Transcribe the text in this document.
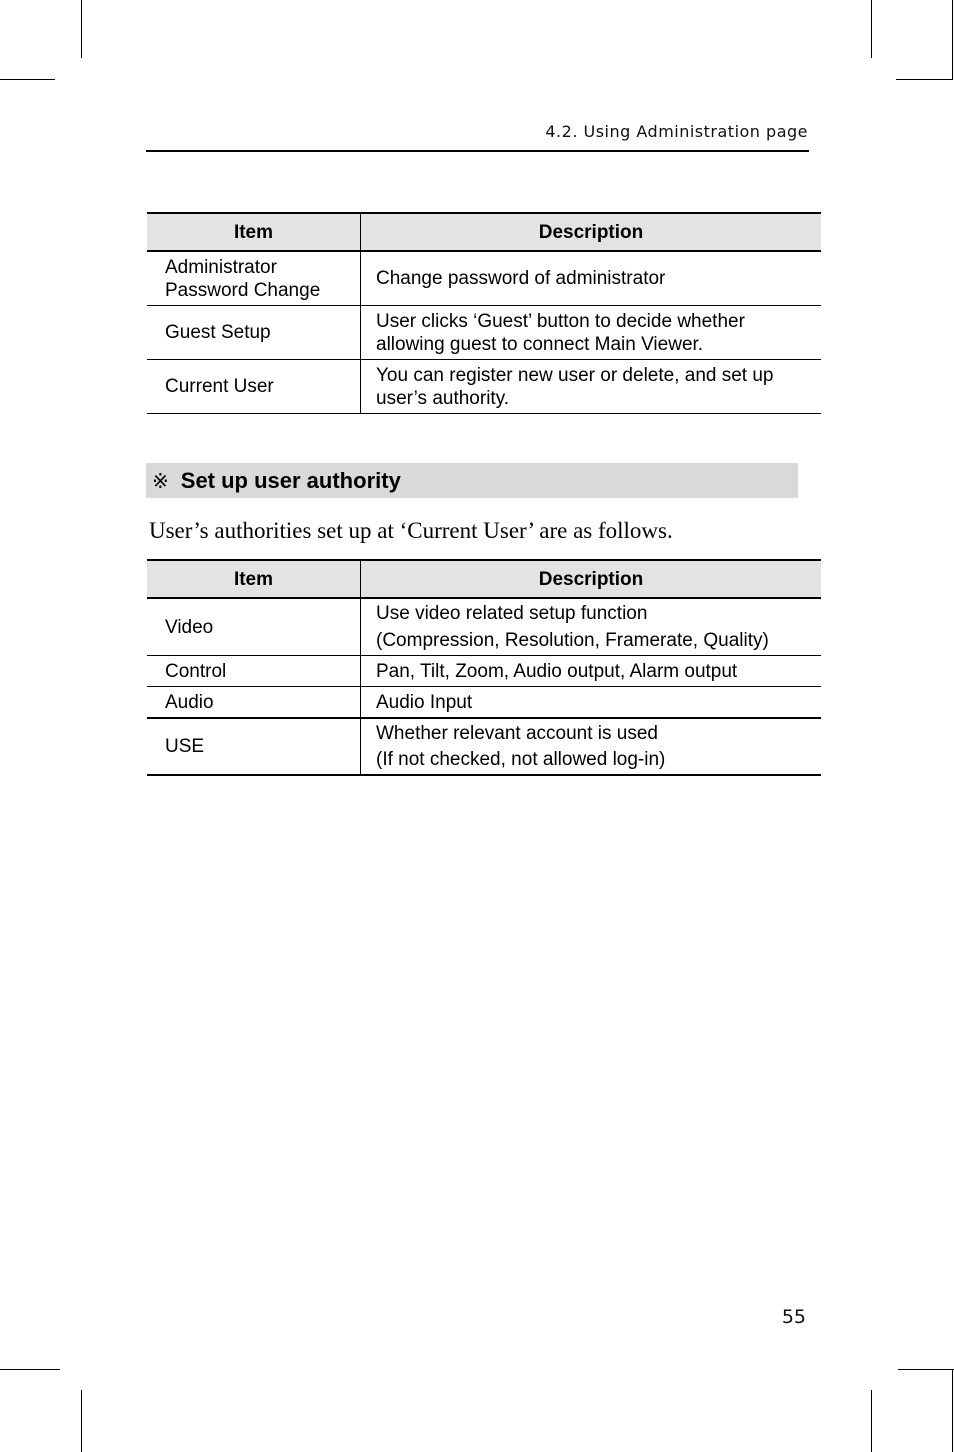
4.2. Using Administration page
Item	Description

Administrator
Password Change	Change password of administrator

Guest Setup	User clicks ‘Guest’ button to decide whether
allowing guest to connect Main Viewer.

Current User	You can register new user or delete, and set up
user’s authority.
※ Set up user authority
User’s authorities set up at ‘Current User’ are as follows.
Item	Description
Video	Use video related setup function
(Compression, Resolution, Framerate, Quality)

Control	Pan, Tilt, Zoom, Audio output, Alarm output
Audio	Audio Input
USE	Whether relevant account is used
(If not checked, not allowed log-in)
55
